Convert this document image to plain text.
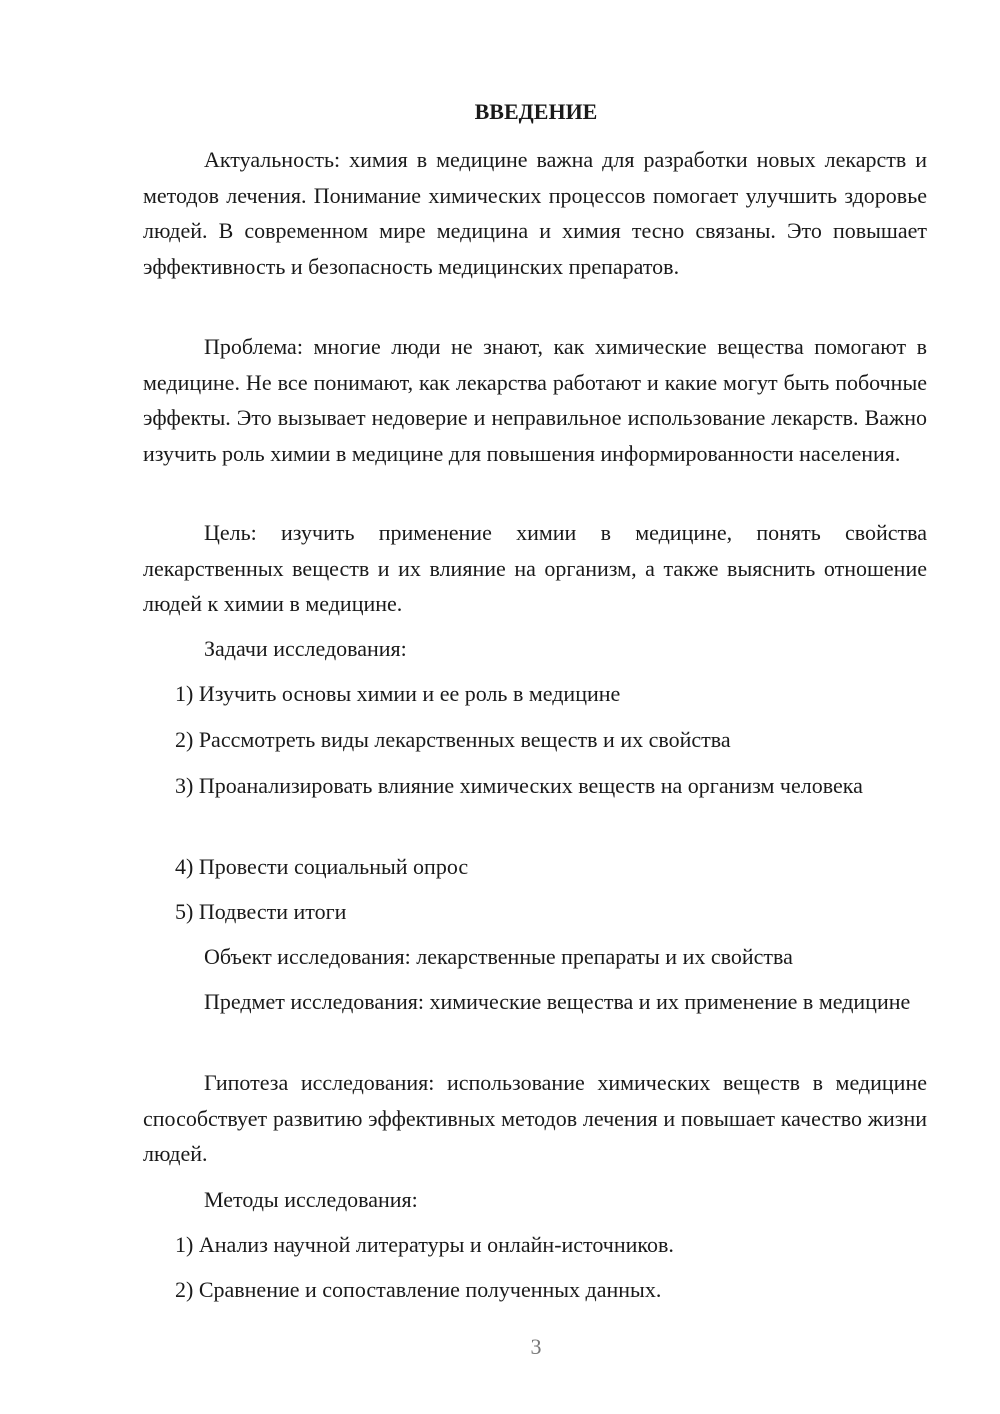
ВВЕДЕНИЕ

Актуальность: химия в медицине важна для разработки новых лекарств и методов лечения. Понимание химических процессов помогает улучшить здоровье людей. В современном мире медицина и химия тесно связаны. Это повышает эффективность и безопасность медицинских препаратов.

Проблема: многие люди не знают, как химические вещества помогают в медицине. Не все понимают, как лекарства работают и какие могут быть побочные эффекты. Это вызывает недоверие и неправильное использование лекарств. Важно изучить роль химии в медицине для повышения информированности населения.

Цель: изучить применение химии в медицине, понять свойства лекарственных веществ и их влияние на организм, а также выяснить отношение людей к химии в медицине.

Задачи исследования:

1) Изучить основы химии и ее роль в медицине

2) Рассмотреть виды лекарственных веществ и их свойства

3) Проанализировать влияние химических веществ на организм человека

4) Провести социальный опрос

5) Подвести итоги

Объект исследования: лекарственные препараты и их свойства

Предмет исследования: химические вещества и их применение в медицине

Гипотеза исследования: использование химических веществ в медицине способствует развитию эффективных методов лечения и повышает качество жизни людей.

Методы исследования:

1) Анализ научной литературы и онлайн-источников.

2) Сравнение и сопоставление полученных данных.

3
